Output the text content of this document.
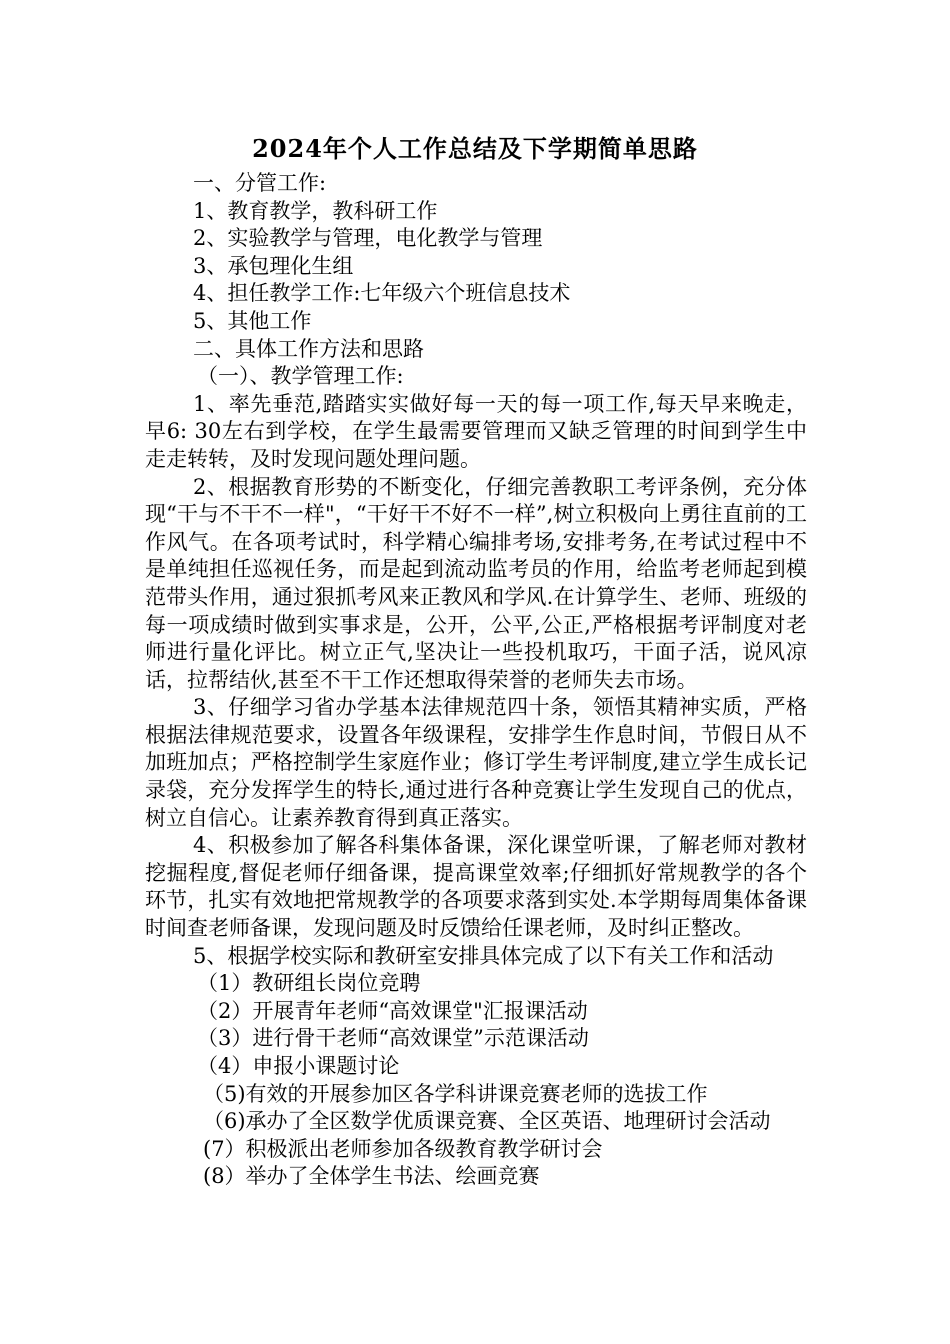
2024年个人工作总结及下学期简单思路

一、分管工作:

1、教育教学，教科研工作

2、实验教学与管理，电化教学与管理

3、承包理化生组

4、担任教学工作:七年级六个班信息技术

5、其他工作

二、具体工作方法和思路

（一）、教学管理工作:

1、率先垂范,踏踏实实做好每一天的每一项工作,每天早来晚走，早6: 30左右到学校，在学生最需要管理而又缺乏管理的时间到学生中走走转转，及时发现问题处理问题。

2、根据教育形势的不断变化，仔细完善教职工考评条例，充分体现“干与不干不一样"，“干好干不好不一样”,树立积极向上勇往直前的工作风气。在各项考试时，科学精心编排考场,安排考务,在考试过程中不是单纯担任巡视任务，而是起到流动监考员的作用，给监考老师起到模范带头作用，通过狠抓考风来正教风和学风.在计算学生、老师、班级的每一项成绩时做到实事求是，公开，公平,公正,严格根据考评制度对老师进行量化评比。树立正气,坚决让一些投机取巧，干面子活，说风凉话，拉帮结伙,甚至不干工作还想取得荣誉的老师失去市场。

3、仔细学习省办学基本法律规范四十条，领悟其精神实质，严格根据法律规范要求，设置各年级课程，安排学生作息时间，节假日从不加班加点；严格控制学生家庭作业；修订学生考评制度,建立学生成长记录袋，充分发挥学生的特长,通过进行各种竞赛让学生发现自己的优点，树立自信心。让素养教育得到真正落实。

4、积极参加了解各科集体备课，深化课堂听课，了解老师对教材挖掘程度,督促老师仔细备课，提高课堂效率;仔细抓好常规教学的各个环节，扎实有效地把常规教学的各项要求落到实处.本学期每周集体备课时间查老师备课，发现问题及时反馈给任课老师，及时纠正整改。

5、根据学校实际和教研室安排具体完成了以下有关工作和活动

（1）教研组长岗位竞聘

（2）开展青年老师“高效课堂"汇报课活动

（3）进行骨干老师“高效课堂”示范课活动

（4）申报小课题讨论

（5)有效的开展参加区各学科讲课竞赛老师的选拔工作

（6)承办了全区数学优质课竞赛、全区英语、地理研讨会活动

(7）积极派出老师参加各级教育教学研讨会

(8）举办了全体学生书法、绘画竞赛
